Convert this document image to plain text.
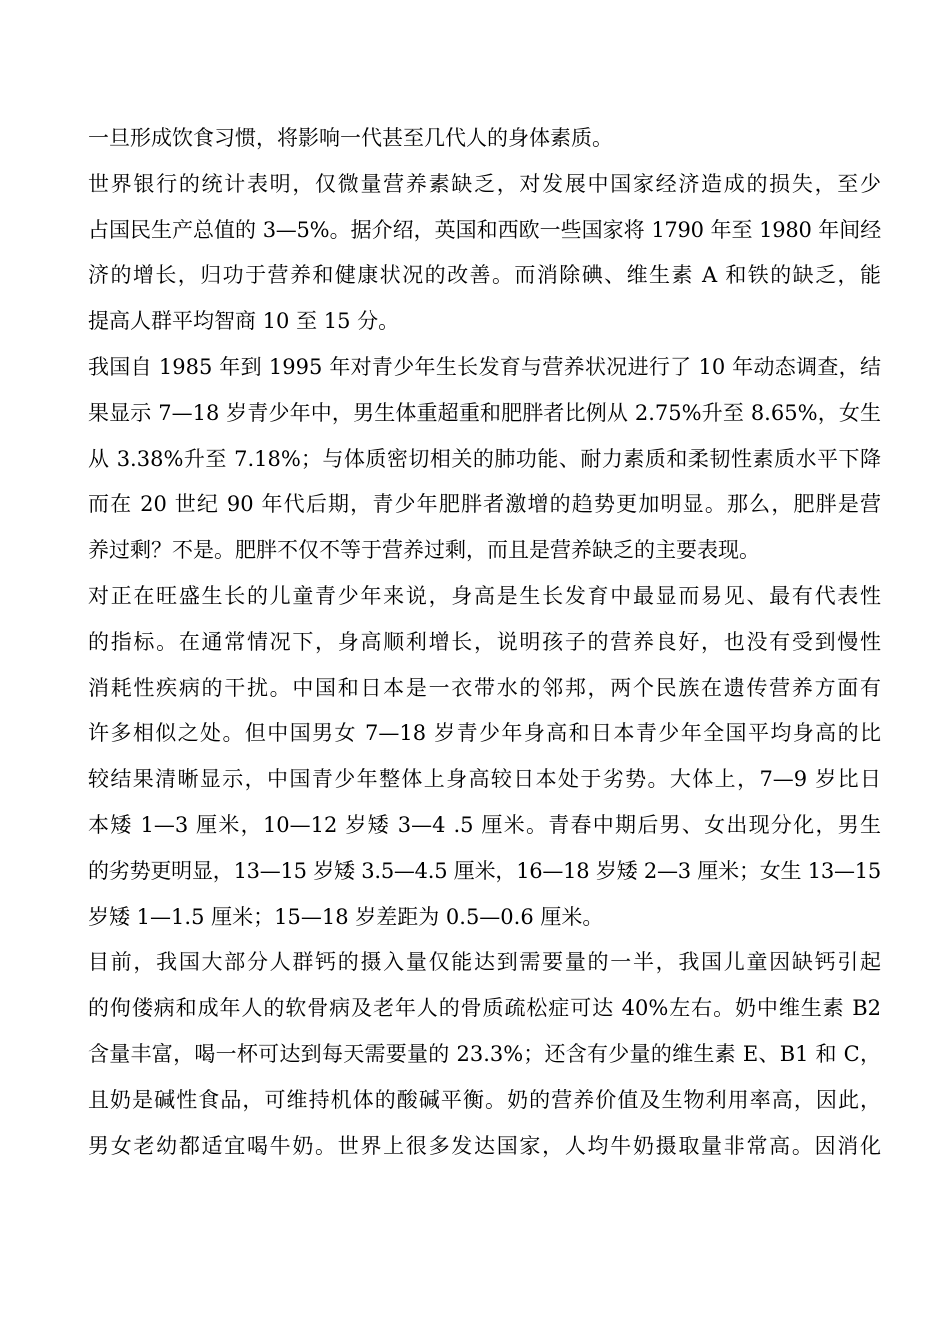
一旦形成饮食习惯，将影响一代甚至几代人的身体素质。
世界银行的统计表明，仅微量营养素缺乏，对发展中国家经济造成的损失，至少
占国民生产总值的 3—5%。据介绍，英国和西欧一些国家将 1790 年至 1980 年间经
济的增长，归功于营养和健康状况的改善。而消除碘、维生素 A 和铁的缺乏，能
提高人群平均智商 10 至 15 分。
我国自 1985 年到 1995 年对青少年生长发育与营养状况进行了 10 年动态调查，结
果显示 7—18 岁青少年中，男生体重超重和肥胖者比例从 2.75%升至 8.65%，女生
从 3.38%升至 7.18%；与体质密切相关的肺功能、耐力素质和柔韧性素质水平下降
而在 20 世纪 90 年代后期，青少年肥胖者激增的趋势更加明显。那么，肥胖是营
养过剩？不是。肥胖不仅不等于营养过剩，而且是营养缺乏的主要表现。
对正在旺盛生长的儿童青少年来说，身高是生长发育中最显而易见、最有代表性
的指标。在通常情况下，身高顺利增长，说明孩子的营养良好，也没有受到慢性
消耗性疾病的干扰。中国和日本是一衣带水的邻邦，两个民族在遗传营养方面有
许多相似之处。但中国男女 7—18 岁青少年身高和日本青少年全国平均身高的比
较结果清晰显示，中国青少年整体上身高较日本处于劣势。大体上，7—9 岁比日
本矮 1—3 厘米，10—12 岁矮 3—4 .5 厘米。青春中期后男、女出现分化，男生
的劣势更明显，13—15 岁矮 3.5—4.5 厘米，16—18 岁矮 2—3 厘米；女生 13—15
岁矮 1—1.5 厘米；15—18 岁差距为 0.5—0.6 厘米。
目前，我国大部分人群钙的摄入量仅能达到需要量的一半，我国儿童因缺钙引起
的佝偻病和成年人的软骨病及老年人的骨质疏松症可达 40%左右。奶中维生素 B2
含量丰富，喝一杯可达到每天需要量的 23.3%；还含有少量的维生素 E、B1 和 C，
且奶是碱性食品，可维持机体的酸碱平衡。奶的营养价值及生物利用率高，因此，
男女老幼都适宜喝牛奶。世界上很多发达国家，人均牛奶摄取量非常高。因消化
